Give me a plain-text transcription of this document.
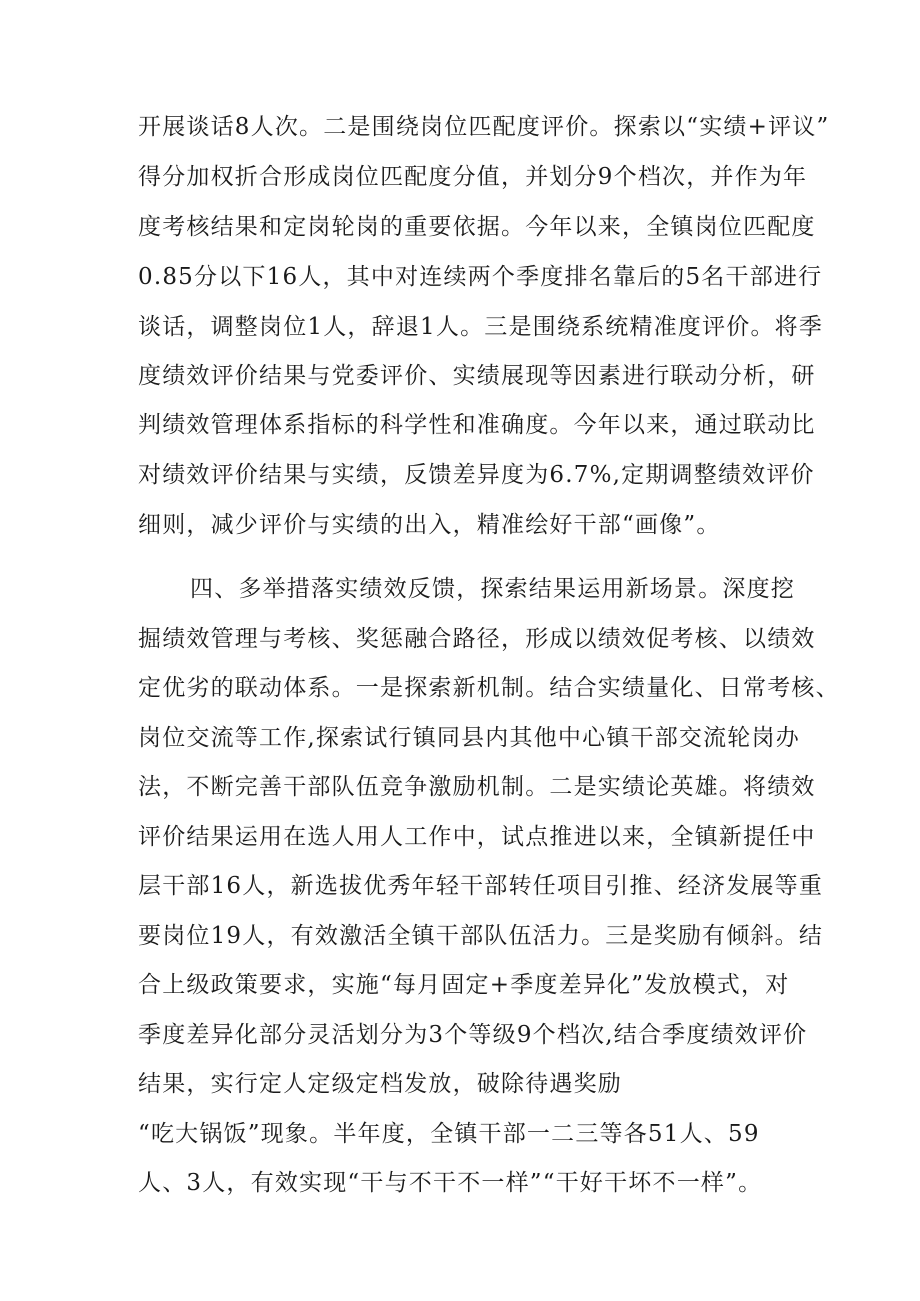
开展谈话8人次。二是围绕岗位匹配度评价。探索以“实绩+评议”

得分加权折合形成岗位匹配度分值，并划分9个档次，并作为年

度考核结果和定岗轮岗的重要依据。今年以来，全镇岗位匹配度

0.85分以下16人，其中对连续两个季度排名靠后的5名干部进行

谈话，调整岗位1人，辞退1人。三是围绕系统精准度评价。将季

度绩效评价结果与党委评价、实绩展现等因素进行联动分析，研

判绩效管理体系指标的科学性和准确度。今年以来，通过联动比

对绩效评价结果与实绩，反馈差异度为6.7%,定期调整绩效评价

细则，减少评价与实绩的出入，精准绘好干部“画像”。

四、多举措落实绩效反馈，探索结果运用新场景。深度挖

掘绩效管理与考核、奖惩融合路径，形成以绩效促考核、以绩效

定优劣的联动体系。一是探索新机制。结合实绩量化、日常考核、

岗位交流等工作,探索试行镇同县内其他中心镇干部交流轮岗办

法，不断完善干部队伍竞争激励机制。二是实绩论英雄。将绩效

评价结果运用在选人用人工作中，试点推进以来，全镇新提任中

层干部16人，新选拔优秀年轻干部转任项目引推、经济发展等重

要岗位19人，有效激活全镇干部队伍活力。三是奖励有倾斜。结

合上级政策要求，实施“每月固定+季度差异化”发放模式，对

季度差异化部分灵活划分为3个等级9个档次,结合季度绩效评价

结果，实行定人定级定档发放，破除待遇奖励

“吃大锅饭”现象。半年度，全镇干部一二三等各51人、59

人、3人，有效实现“干与不干不一样”“干好干坏不一样”。
